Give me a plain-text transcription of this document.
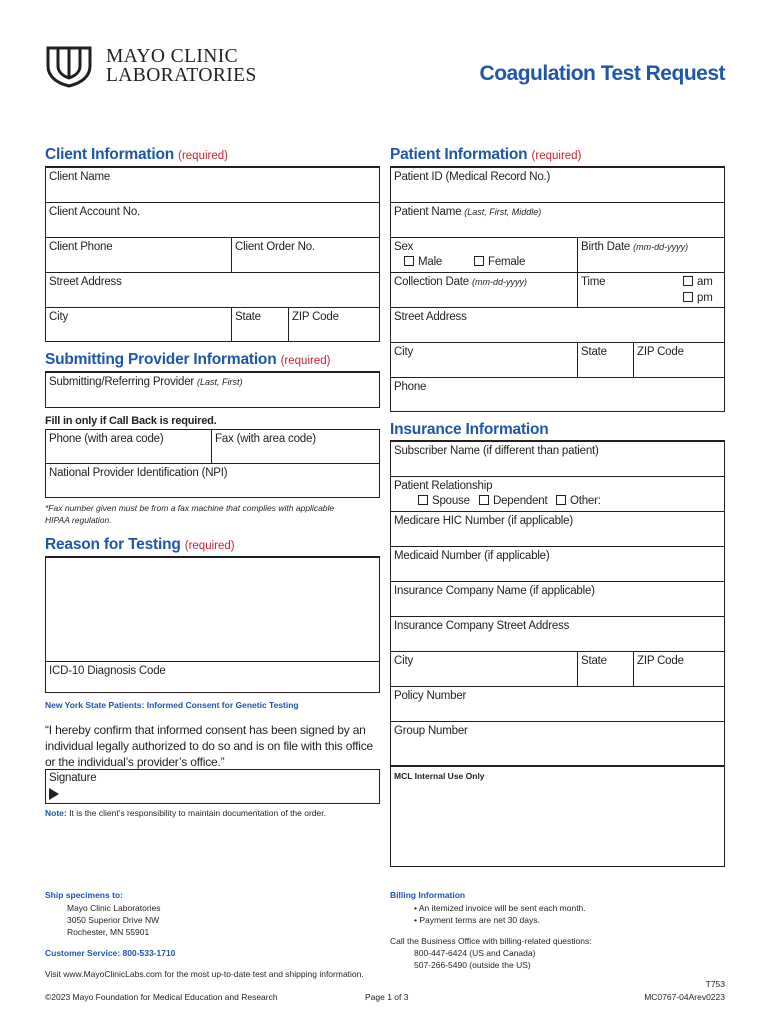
MAYO CLINIC
LABORATORIES	Coagulation Test Request
Client Information (required)
Client Name
Client Account No.
Client Phone	Client Order No.
Street Address
City	State	ZIP Code
Submitting Provider Information (required)
Submitting/Referring Provider (Last, First)
Fill in only if Call Back is required.
Phone (with area code)	Fax (with area code)
National Provider Identification (NPI)
*Fax number given must be from a fax machine that complies with applicable
HIPAA regulation.
Reason for Testing (required)
ICD-10 Diagnosis Code
New York State Patients: Informed Consent for Genetic Testing
“I hereby confirm that informed consent has been signed by an
individual legally authorized to do so and is on file with this office
or the individual’s provider’s office.”
Signature
Note: It is the client’s responsibility to maintain documentation of the order.
Patient Information (required)
Patient ID (Medical Record No.)
Patient Name (Last, First, Middle)
Sex
Male	Female
Birth Date (mm-dd-yyyy)
Collection Date (mm-dd-yyyy)	Time	am
pm
Street Address
City	State	ZIP Code
Phone
Insurance Information
Subscriber Name (if different than patient)
Patient Relationship
Spouse	Dependent	Other:
Medicare HIC Number (if applicable)
Medicaid Number (if applicable)
Insurance Company Name (if applicable)
Insurance Company Street Address
City	State	ZIP Code
Policy Number
Group Number
MCL Internal Use Only
Ship specimens to:
Mayo Clinic Laboratories
3050 Superior Drive NW
Rochester, MN 55901
Customer Service: 800-533-1710
Visit www.MayoClinicLabs.com for the most up-to-date test and shipping information.
Billing Information
• An itemized invoice will be sent each month.
• Payment terms are net 30 days.
Call the Business Office with billing-related questions:
800-447-6424 (US and Canada)
507-266-5490 (outside the US)
T753
©2023 Mayo Foundation for Medical Education and Research	Page 1 of 3	MC0767-04Arev0223
